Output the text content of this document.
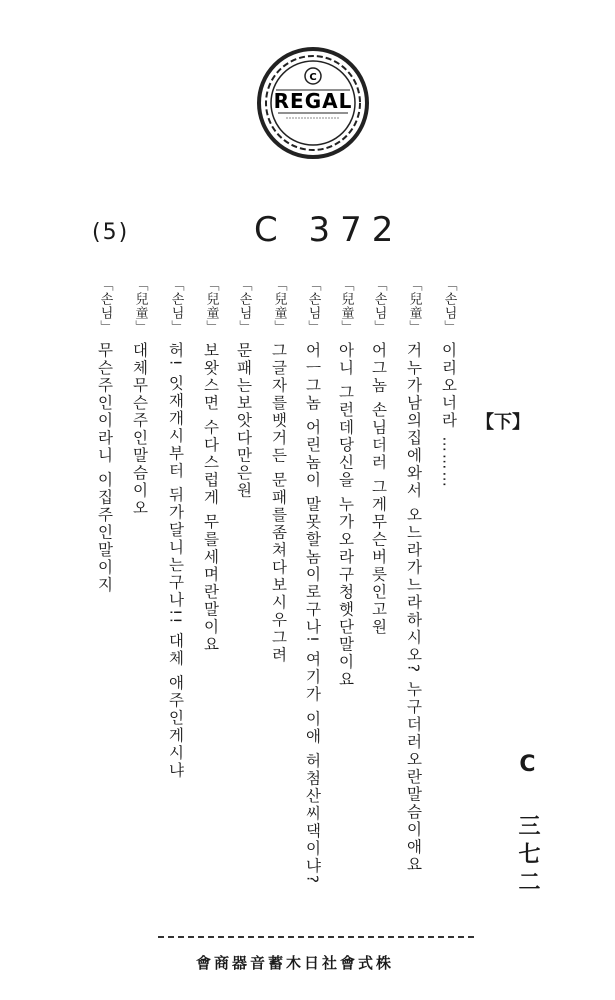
C
REGAL
(5)	C 372
「손님」
이리오너라 ………
「兒童」
거누가남의집에와서 오느라가느라하시오? 누구더러오란말슴이애요
「손님」
어그놈 손님더러 그게무슨버릇인고원
「兒童」
아니 그런데당신을 누가오라구청햇단말이요
「손님」
어ㅡ그놈 어린놈이 말못할놈이로구나! 여기가 이애 허첨산씨댁이냐?
「兒童」
그글자를뱃거든 문패를좀쳐다보시우그려
「손님」
문패는보앗다만은원
「兒童」
보왓스면 수다스럽게 무를세며란말이요
「손님」
허! 잇재개시부터 뒤가달니는구나!! 대체 애주인게시냐
「兒童」
대체무슨주인말슴이오
「손님」
무슨주인이라니 이집주인말이지	【下】
C 三七二
會商器音蓄木日社會式株
